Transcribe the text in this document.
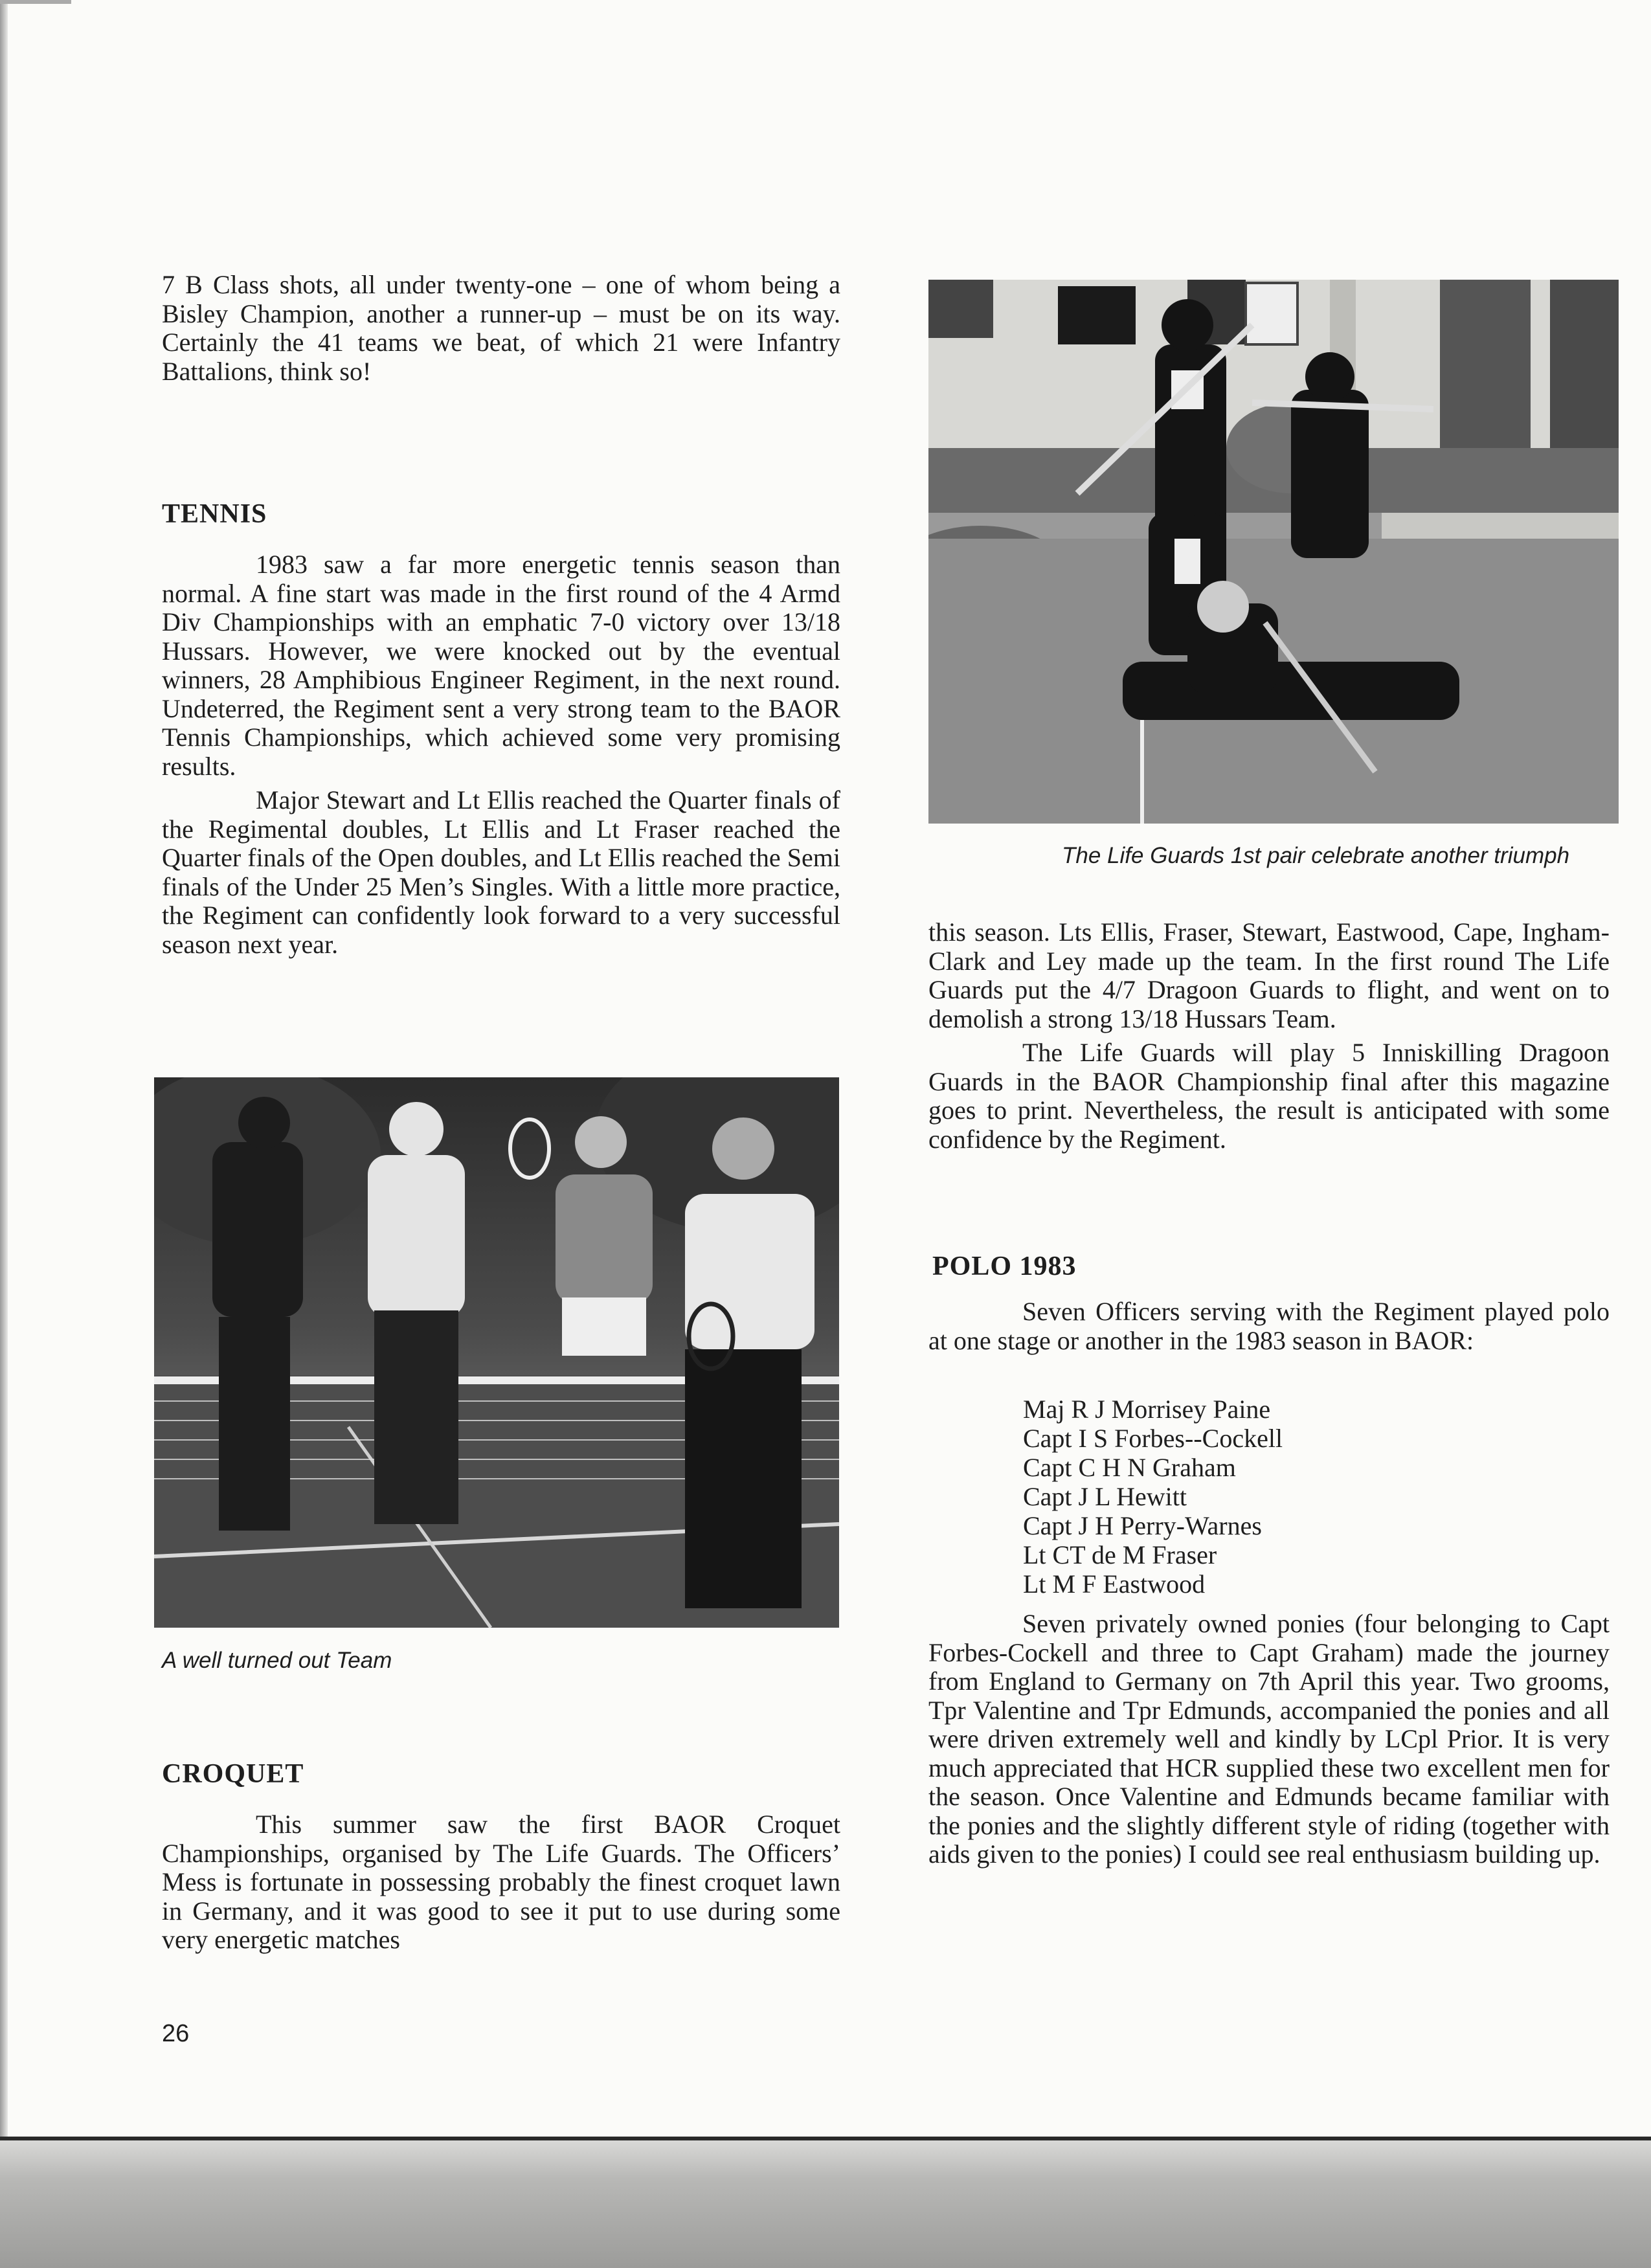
7 B Class shots, all under twenty-one – one of whom being a Bisley Champion, another a runner-up – must be on its way. Certainly the 41 teams we beat, of which 21 were Infantry Battalions, think so!

TENNIS

1983 saw a far more energetic tennis season than normal. A fine start was made in the first round of the 4 Armd Div Championships with an emphatic 7-0 victory over 13/18 Hussars. However, we were knocked out by the eventual winners, 28 Amphibious Engineer Regiment, in the next round. Undeterred, the Regiment sent a very strong team to the BAOR Tennis Championships, which achieved some very promising results.

Major Stewart and Lt Ellis reached the Quarter finals of the Regimental doubles, Lt Ellis and Lt Fraser reached the Quarter finals of the Open doubles, and Lt Ellis reached the Semi finals of the Under 25 Men’s Singles. With a little more practice, the Regiment can confidently look forward to a very successful season next year.

A well turned out Team
CROQUET

This summer saw the first BAOR Croquet Championships, organised by The Life Guards. The Officers’ Mess is fortunate in possessing probably the finest croquet lawn in Germany, and it was good to see it put to use during some very energetic matches

26
The Life Guards 1st pair celebrate another triumph

this season. Lts Ellis, Fraser, Stewart, Eastwood, Cape, Ingham-Clark and Ley made up the team. In the first round The Life Guards put the 4/7 Dragoon Guards to flight, and went on to demolish a strong 13/18 Hussars Team.

The Life Guards will play 5 Inniskilling Dragoon Guards in the BAOR Championship final after this magazine goes to print. Nevertheless, the result is anticipated with some confidence by the Regiment.

POLO 1983

Seven Officers serving with the Regiment played polo at one stage or another in the 1983 season in BAOR:

Maj R J Morrisey Paine
Capt I S Forbes--Cockell
Capt C H N Graham
Capt J L Hewitt
Capt J H Perry-Warnes
Lt CT de M Fraser
Lt M F Eastwood

Seven privately owned ponies (four belonging to Capt Forbes-Cockell and three to Capt Graham) made the journey from England to Germany on 7th April this year. Two grooms, Tpr Valentine and Tpr Edmunds, accompanied the ponies and all were driven extremely well and kindly by LCpl Prior. It is very much appreciated that HCR supplied these two excellent men for the season. Once Valentine and Edmunds became familiar with the ponies and the slightly different style of riding (together with aids given to the ponies) I could see real enthusiasm building up.
